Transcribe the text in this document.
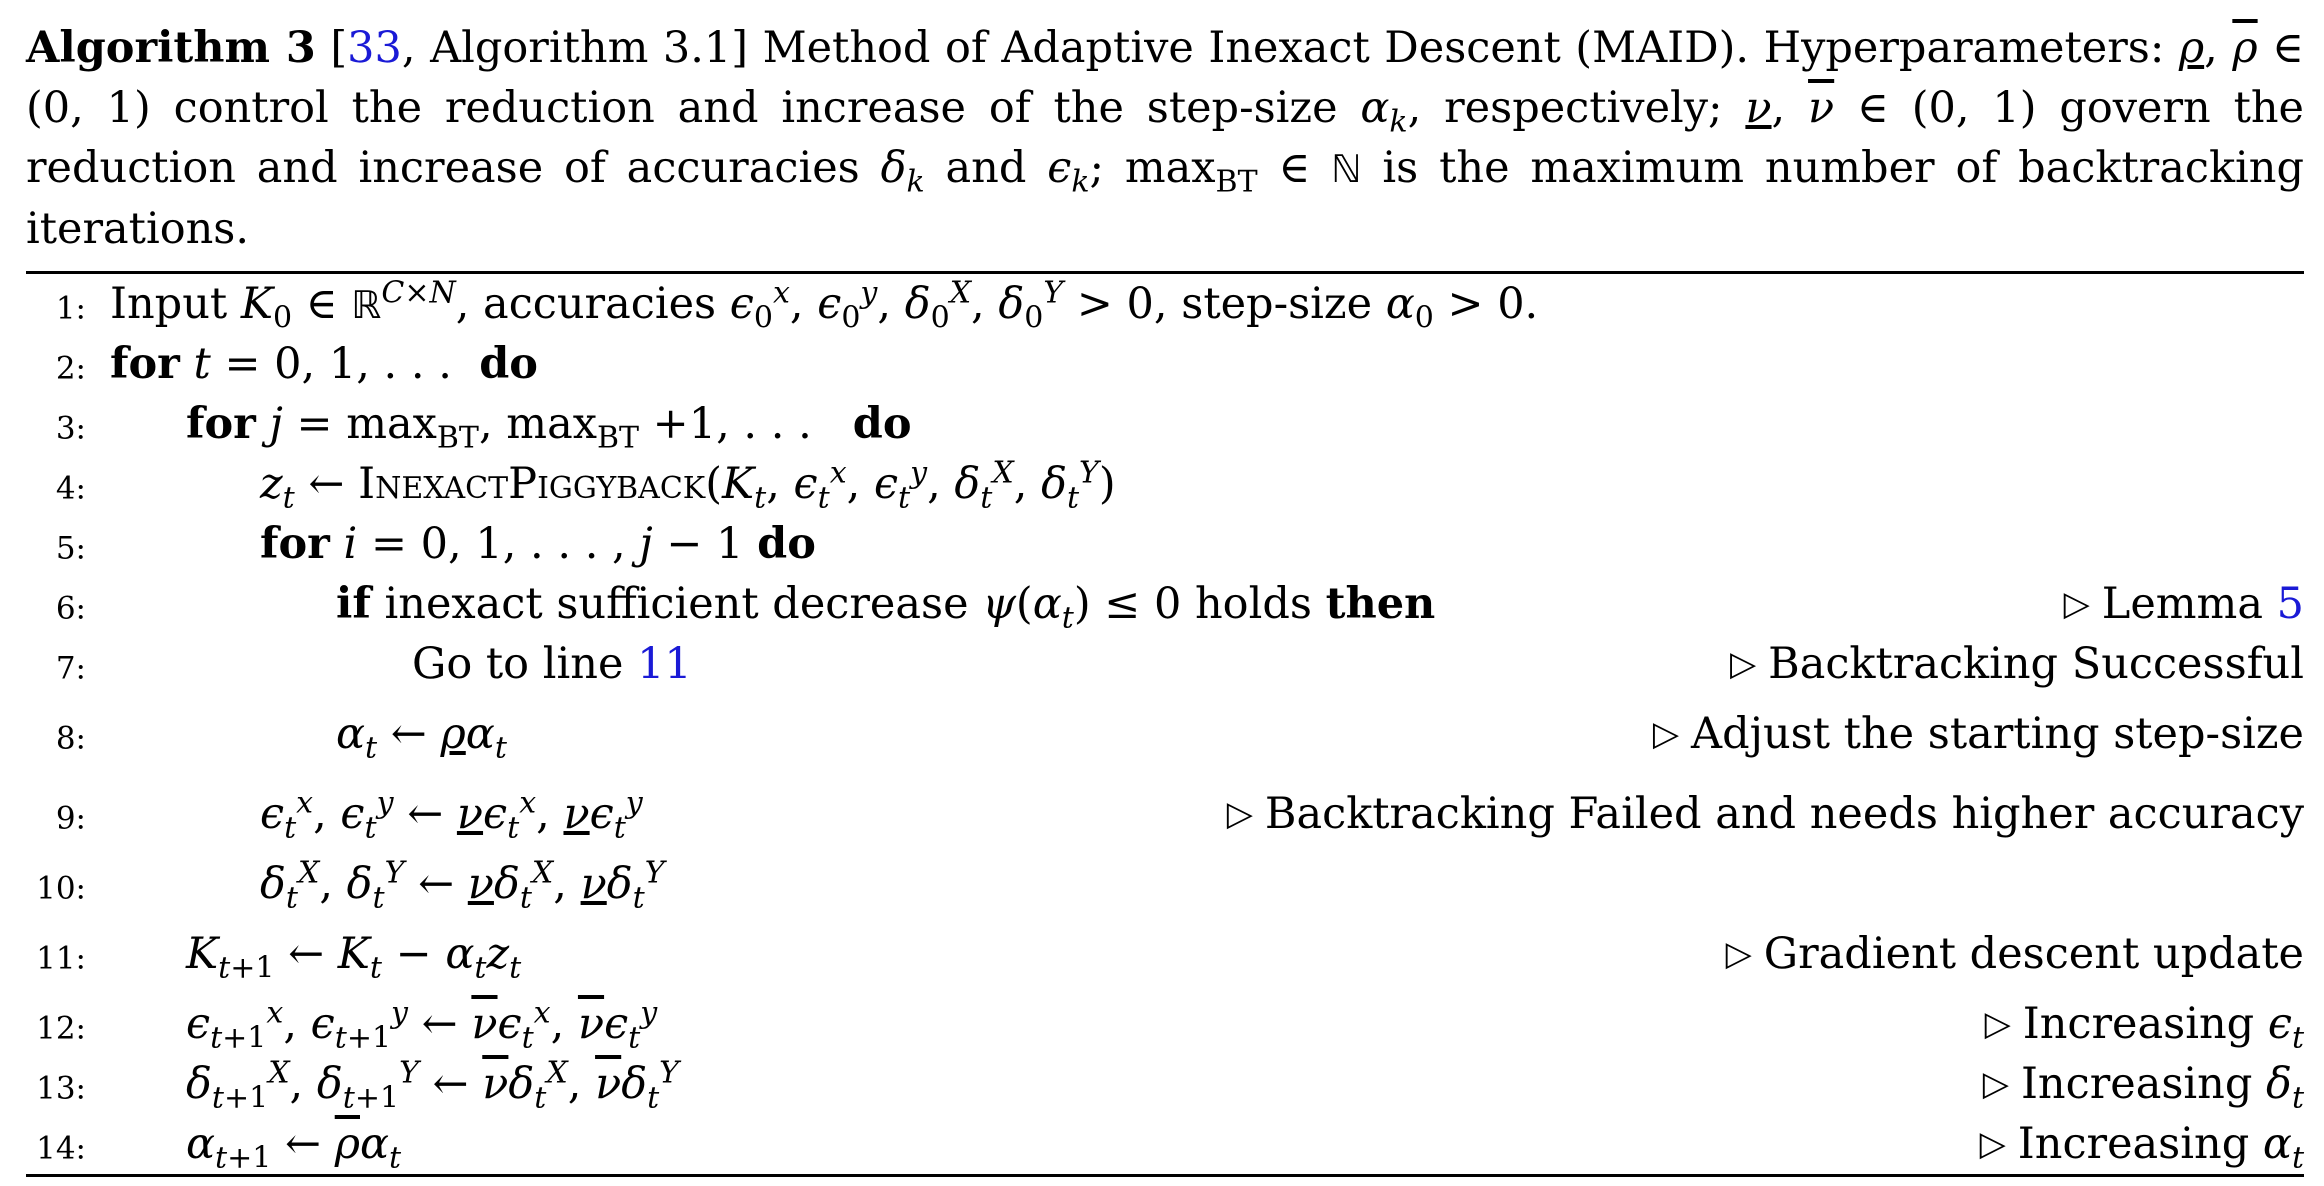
Algorithm 3 [33, Algorithm 3.1] Method of Adaptive Inexact Descent (MAID). Hyperparameters: ρ, $\overline{\rho}$ ∈ (0, 1) control the reduction and increase of the step-size $\alpha_k$, respectively; ν, $\overline{\nu}$ ∈ (0, 1) govern the reduction and increase of accuracies $\delta_k$ and $\epsilon_k$; $\max_{BT}$ ∈ ℕ is the maximum number of backtracking iterations.
1 : Input $K_0$ ∈ ℝ$^{C\times N}$, accuracies $\epsilon_0^x$, $\epsilon_0^y$, $\delta_0^X$, $\delta_0^Y > 0$, step-size $\alpha_0 > 0$.
2 : for t = 0, 1, . . .  do
3 :	for $j = \max_{BT}$, $\max_{BT} +1$, . . .   do
4 :	$z_t$ ← $InexactPiggyback(K_t$, $\epsilon_t^x$, $\epsilon_t^y$, $\delta_t^X$, $\delta_t^Y$)
5 :	for i = 0, 1, . . . , j − 1 do
6 :	if inexact sufficient decrease $\psi(\alpha_t) \le 0$ holds then	▷ Lemma 5
7 :	Go to line 11	▷ Backtracking Successful
8 :	$\alpha_t$ ← $\rho\alpha_t$	▷ Adjust the starting step-size
9 :	$\epsilon_t^x$, $\epsilon_t^y$ ← $\nu\epsilon_t^x$, $\nu\epsilon_t^y$	▷ Backtracking Failed and needs higher accuracy
10 :	$\delta_t^X$, $\delta_t^Y$ ← $\nu\delta_t^X$, $\nu\delta_t^Y$
11 :	$K_{t+1}$ ← $K_t - \alpha_tz_t$	▷ Gradient descent update
12 :	$\epsilon_{t+1}^x$, $\epsilon_{t+1}^y$ ← $\overline{\nu}\epsilon_t^x$, $\overline{\nu}\epsilon_t^y$	▷ Increasing $\epsilon_t$
13 :	$\delta_{t+1}^X$, $\delta_{t+1}^Y$ ← $\overline{\nu}\delta_t^X$, $\overline{\nu}\delta_t^Y$	▷ Increasing $\delta_t$
14 :	$\alpha_{t+1}$ ← $\overline{\rho}\alpha_t$	▷ Increasing $\alpha_t$
